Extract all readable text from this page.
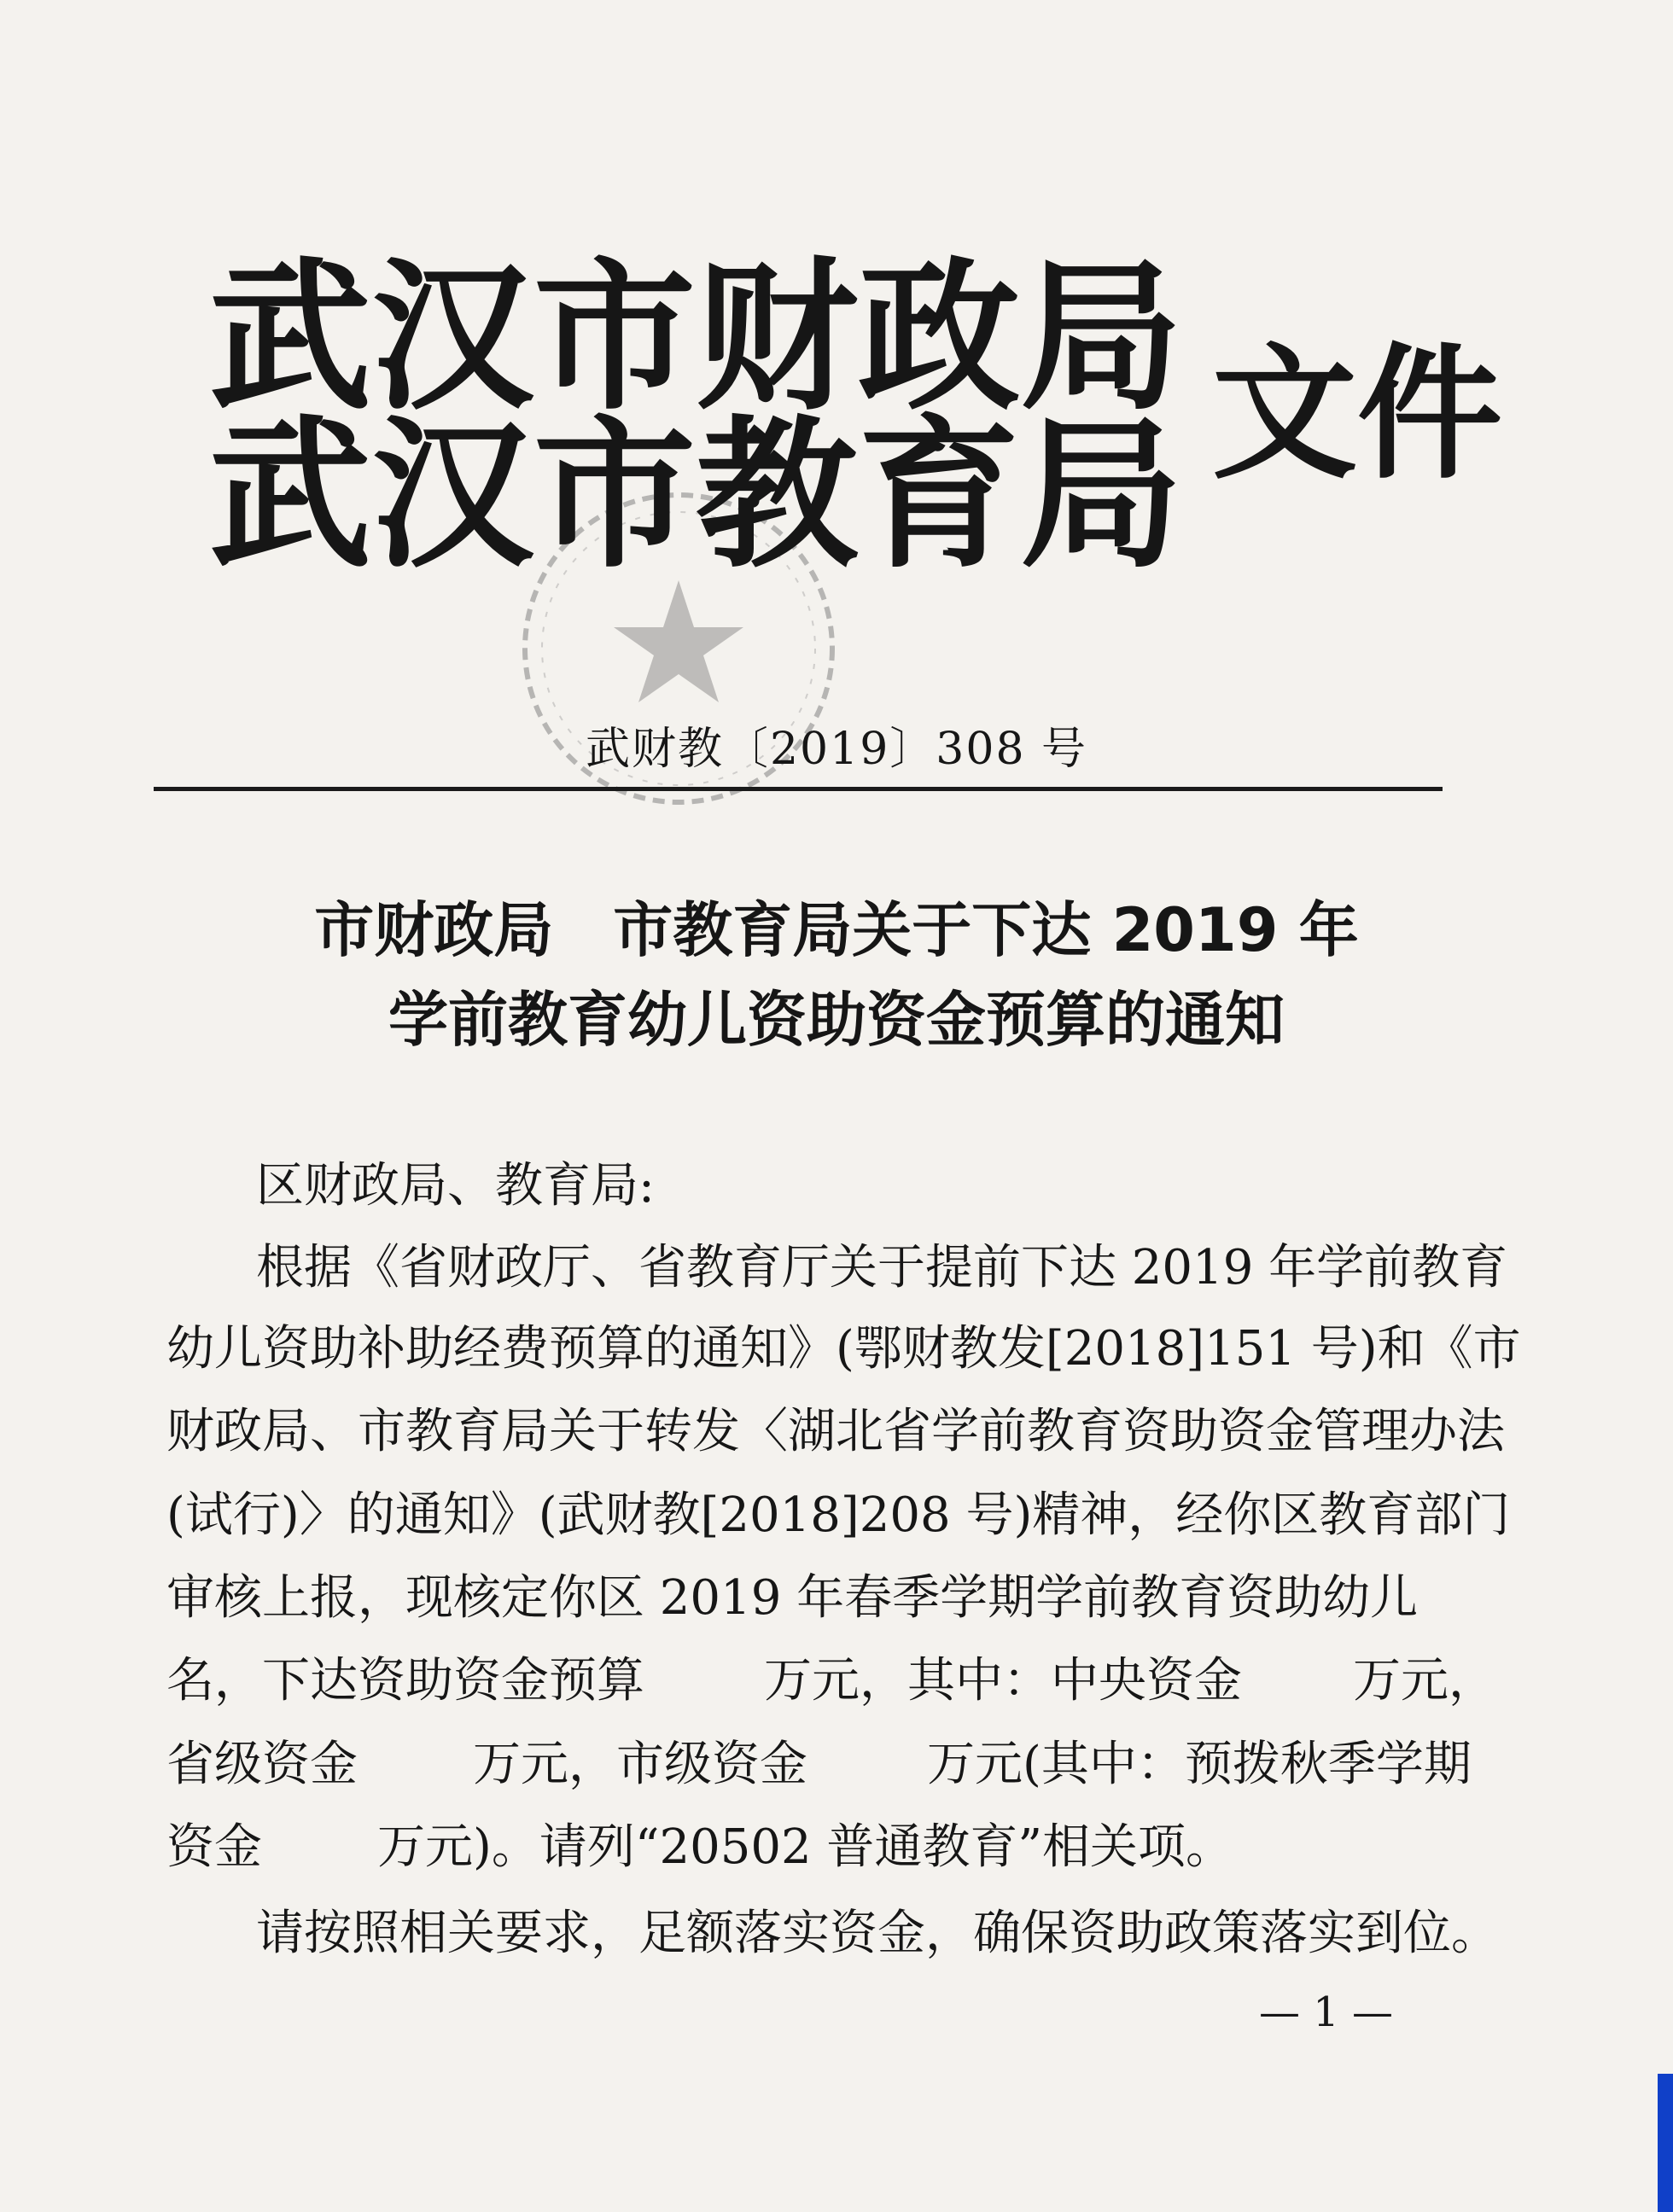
武 汉 市 财 政 局
武 汉 市 教 育 局 文件
武财教〔2019〕308 号
市财政局 市教育局关于下达 2019 年
学前教育幼儿资助资金预算的通知
区财政局、教育局:
根据《省财政厅、省教育厅关于提前下达 2019 年学前教育
幼儿资助补助经费预算的通知》(鄂财教发[2018]151 号)和《市
财政局、市教育局关于转发〈湖北省学前教育资助资金管理办法
(试行)〉的通知》(武财教[2018]208 号)精神，经你区教育部门
审核上报，现核定你区 2019 年春季学期学前教育资助幼儿
名，下达资助资金预算	万元，其中：中央资金 万元，
省级资金 万元，市级资金	万元(其中：预拨秋季学期
资金 万元)。请列“20502 普通教育”相关项。
请按照相关要求，足额落实资金，确保资助政策落实到位。
— 1 —
